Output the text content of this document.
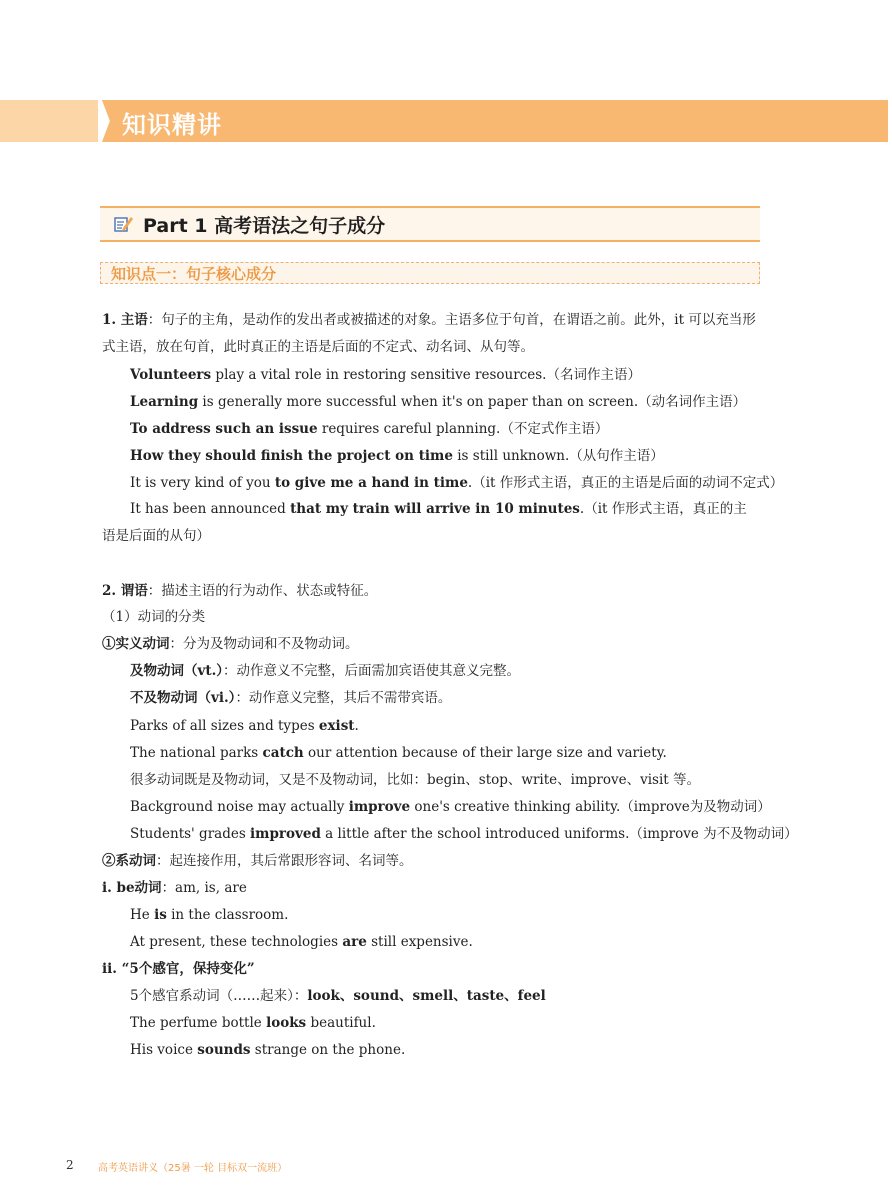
知识精讲
Part 1 高考语法之句子成分
知识点一：句子核心成分
1. 主语：句子的主角，是动作的发出者或被描述的对象。主语多位于句首，在谓语之前。此外，it 可以充当形式主语，放在句首，此时真正的主语是后面的不定式、动名词、从句等。
Volunteers play a vital role in restoring sensitive resources.（名词作主语）
Learning is generally more successful when it's on paper than on screen.（动名词作主语）
To address such an issue requires careful planning.（不定式作主语）
How they should finish the project on time is still unknown.（从句作主语）
It is very kind of you to give me a hand in time.（it 作形式主语，真正的主语是后面的动词不定式）
It has been announced that my train will arrive in 10 minutes.（it 作形式主语，真正的主语是后面的从句）
2. 谓语：描述主语的行为动作、状态或特征。
（1）动词的分类
①实义动词：分为及物动词和不及物动词。
及物动词（vt.）：动作意义不完整，后面需加宾语使其意义完整。
不及物动词（vi.）：动作意义完整，其后不需带宾语。
Parks of all sizes and types exist.
The national parks catch our attention because of their large size and variety.
很多动词既是及物动词，又是不及物动词，比如：begin、stop、write、improve、visit 等。
Background noise may actually improve one's creative thinking ability.（improve为及物动词）
Students' grades improved a little after the school introduced uniforms.（improve 为不及物动词）
②系动词：起连接作用，其后常跟形容词、名词等。
i. be动词：am, is, are
He is in the classroom.
At present, these technologies are still expensive.
ii. “5个感官，保持变化”
5个感官系动词（……起来）：look、sound、smell、taste、feel
The perfume bottle looks beautiful.
His voice sounds strange on the phone.
2 高考英语讲义（25暑 一轮 目标双一流班）
